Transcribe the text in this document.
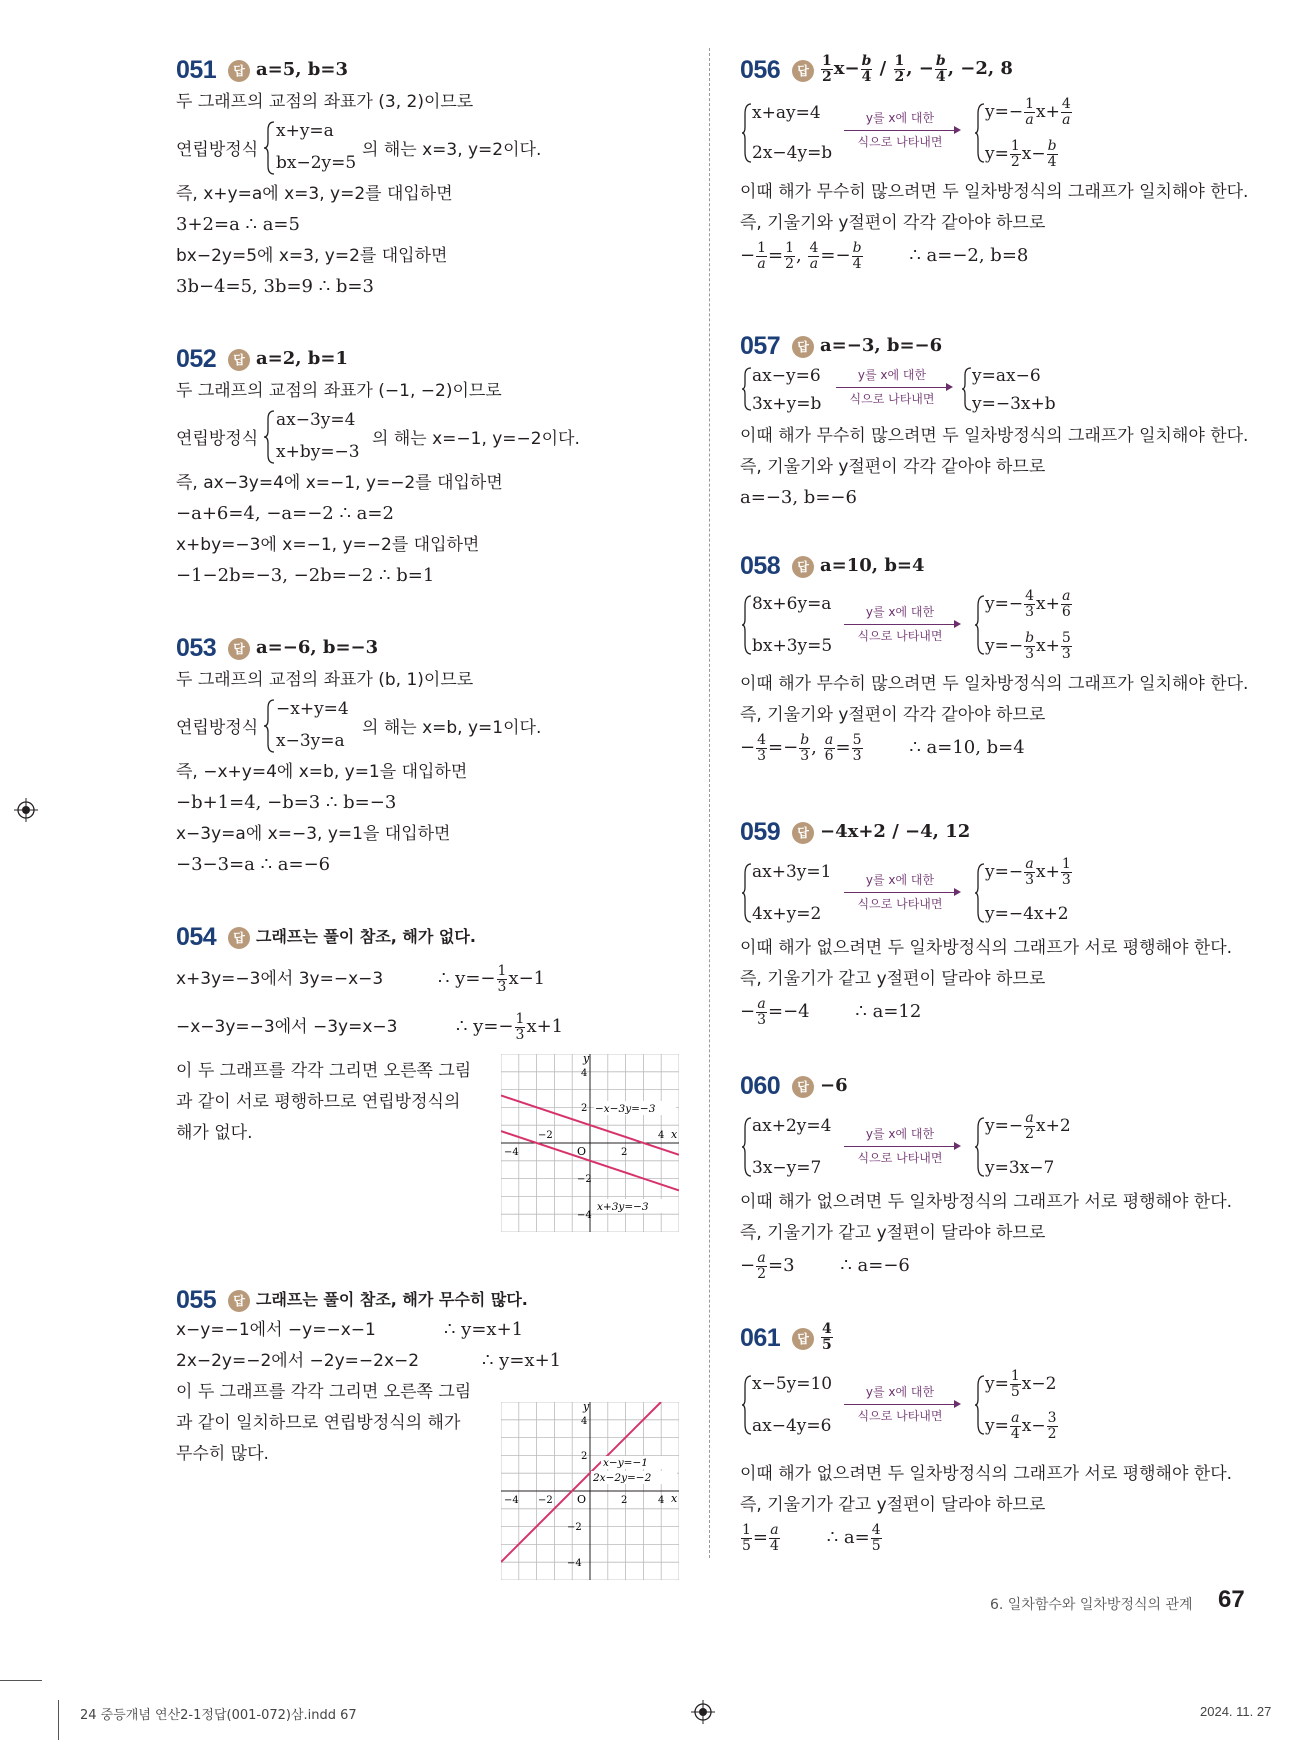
051	답 a=5, b=3
두 그래프의 교점의 좌표가 (3, 2)이므로
연립방정식
x+y=a
bx−2y=5
의 해는 x=3, y=2이다.
즉, x+y=a에 x=3, y=2를 대입하면
3+2=a ∴ a=5
bx−2y=5에 x=3, y=2를 대입하면
3b−4=5, 3b=9 ∴ b=3
052	답 a=2, b=1
두 그래프의 교점의 좌표가 (−1, −2)이므로
연립방정식
ax−3y=4
x+by=−3
의 해는 x=−1, y=−2이다.
즉, ax−3y=4에 x=−1, y=−2를 대입하면
−a+6=4, −a=−2 ∴ a=2
x+by=−3에 x=−1, y=−2를 대입하면
−1−2b=−3, −2b=−2 ∴ b=1
053	답 a=−6, b=−3
두 그래프의 교점의 좌표가 (b, 1)이므로
연립방정식
−x+y=4
x−3y=a
의 해는 x=b, y=1이다.
즉, −x+y=4에 x=b, y=1을 대입하면
−b+1=4, −b=3 ∴ b=−3
x−3y=a에 x=−3, y=1을 대입하면
−3−3=a ∴ a=−6
054	답 그래프는 풀이 참조, 해가 없다.
x+3y=−3에서 3y=−x−3	∴ $y=- \frac{1}{3} x-1$
−x−3y=−3에서 −3y=x−3	∴ $y=- \frac{1}{3} x+1$
이 두 그래프를 각각 그리면 오른쪽 그림
과 같이 서로 평행하므로 연립방정식의
해가 없다.
y
x
O
4
2
−2
−4
−4
−2
2
4
−x−3y=−3
x+3y=−3
055	답 그래프는 풀이 참조, 해가 무수히 많다.
x−y=−1에서 −y=−x−1	∴ y=x+1
2x−2y=−2에서 −2y=−2x−2	∴ y=x+1
이 두 그래프를 각각 그리면 오른쪽 그림
과 같이 일치하므로 연립방정식의 해가
무수히 많다.
y
x
O
4
2
−2
−4
−4 −2	2	4
x−y=−1
2x−2y=−2
056	답 $\frac{1}{2} x- \frac{b}{4} / \frac{1}{2}$ , − $\frac{b}{4}$ , −2, 8
x+ay=4
2x−4y=b
y를 x에 대한
식으로 나타내면
$y=- \frac{1}{a} x+ \frac{4}{a}$
$y= \frac{1}{2} x- \frac{b}{4}$
이때 해가 무수히 많으려면 두 일차방정식의 그래프가 일치해야 한다.
즉, 기울기와 y절편이 각각 같아야 하므로
− $\frac{1}{a} = \frac{1}{2}$ , $\frac{4}{a} =- \frac{b}{4}$	∴ a=−2, b=8
057	답 a=−3, b=−6
ax−y=6
3x+y=b
y를 x에 대한
식으로 나타내면
y=ax−6
y=−3x+b
이때 해가 무수히 많으려면 두 일차방정식의 그래프가 일치해야 한다.
즉, 기울기와 y절편이 각각 같아야 하므로
a=−3, b=−6
058	답 a=10, b=4
8x+6y=a
bx+3y=5
y를 x에 대한
식으로 나타내면
$y=- \frac{4}{3} x+ \frac{a}{6}$
$y=- \frac{b}{3} x+ \frac{5}{3}$
이때 해가 무수히 많으려면 두 일차방정식의 그래프가 일치해야 한다.
즉, 기울기와 y절편이 각각 같아야 하므로
− $\frac{4}{3} =- \frac{b}{3}$ , $\frac{a}{6} = \frac{5}{3}$	∴ a=10, b=4
059	답 −4x+2 / −4, 12
ax+3y=1
4x+y=2
y를 x에 대한
식으로 나타내면
$y=- \frac{a}{3} x+ \frac{1}{3}$
y=−4x+2
이때 해가 없으려면 두 일차방정식의 그래프가 서로 평행해야 한다.
즉, 기울기가 같고 y절편이 달라야 하므로
− $\frac{a}{3} =-4$	∴ a=12
060	답 −6
ax+2y=4
3x−y=7
y를 x에 대한
식으로 나타내면
$y=- \frac{a}{2} x+2$
y=3x−7
이때 해가 없으려면 두 일차방정식의 그래프가 서로 평행해야 한다.
즉, 기울기가 같고 y절편이 달라야 하므로
− $\frac{a}{2} =3$	∴ a=−6
061	답 $\frac{4}{5}$
x−5y=10
ax−4y=6
y를 x에 대한
식으로 나타내면
$y= \frac{1}{5} x-2$
$y= \frac{a}{4} x- \frac{3}{2}$
이때 해가 없으려면 두 일차방정식의 그래프가 서로 평행해야 한다.
즉, 기울기가 같고 y절편이 달라야 하므로
$\frac{1}{5} = \frac{a}{4}$	∴ $a= \frac{4}{5}$
6. 일차함수와 일차방정식의 관계 67
24 중등개념 연산2-1정답(001-072)삼.indd 67	2024. 11. 27
